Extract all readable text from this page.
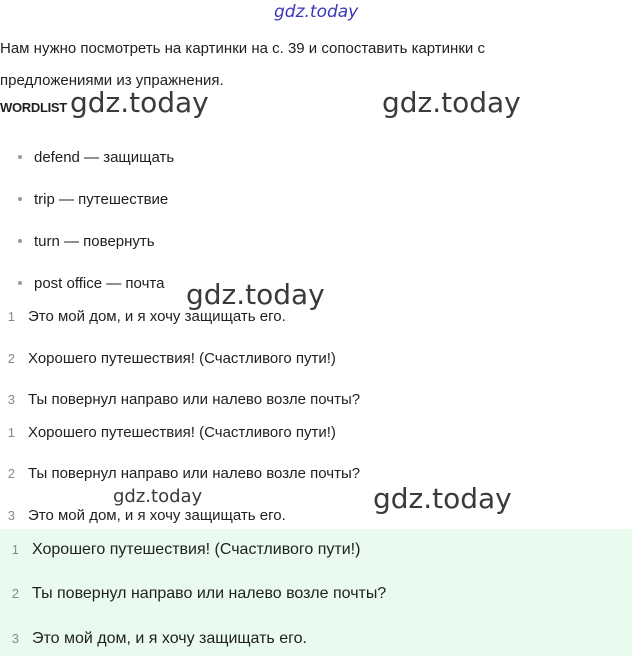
gdz.today
Нам нужно посмотреть на картинки на с. 39 и сопоставить картинки с
предложениями из упражнения.
WORDLIST
defend — защищать
trip — путешествие
turn — повернуть
post office — почта
1 Это мой дом, и я хочу защищать его.
2 Хорошего путешествия! (Счастливого пути!)
3 Ты повернул направо или налево возле почты?
1 Хорошего путешествия! (Счастливого пути!)
2 Ты повернул направо или налево возле почты?
3 Это мой дом, и я хочу защищать его.
1 Хорошего путешествия! (Счастливого пути!)
2 Ты повернул направо или налево возле почты?
3 Это мой дом, и я хочу защищать его.
gdz.today	gdz.today
gdz.today
gdz.today	gdz.today
